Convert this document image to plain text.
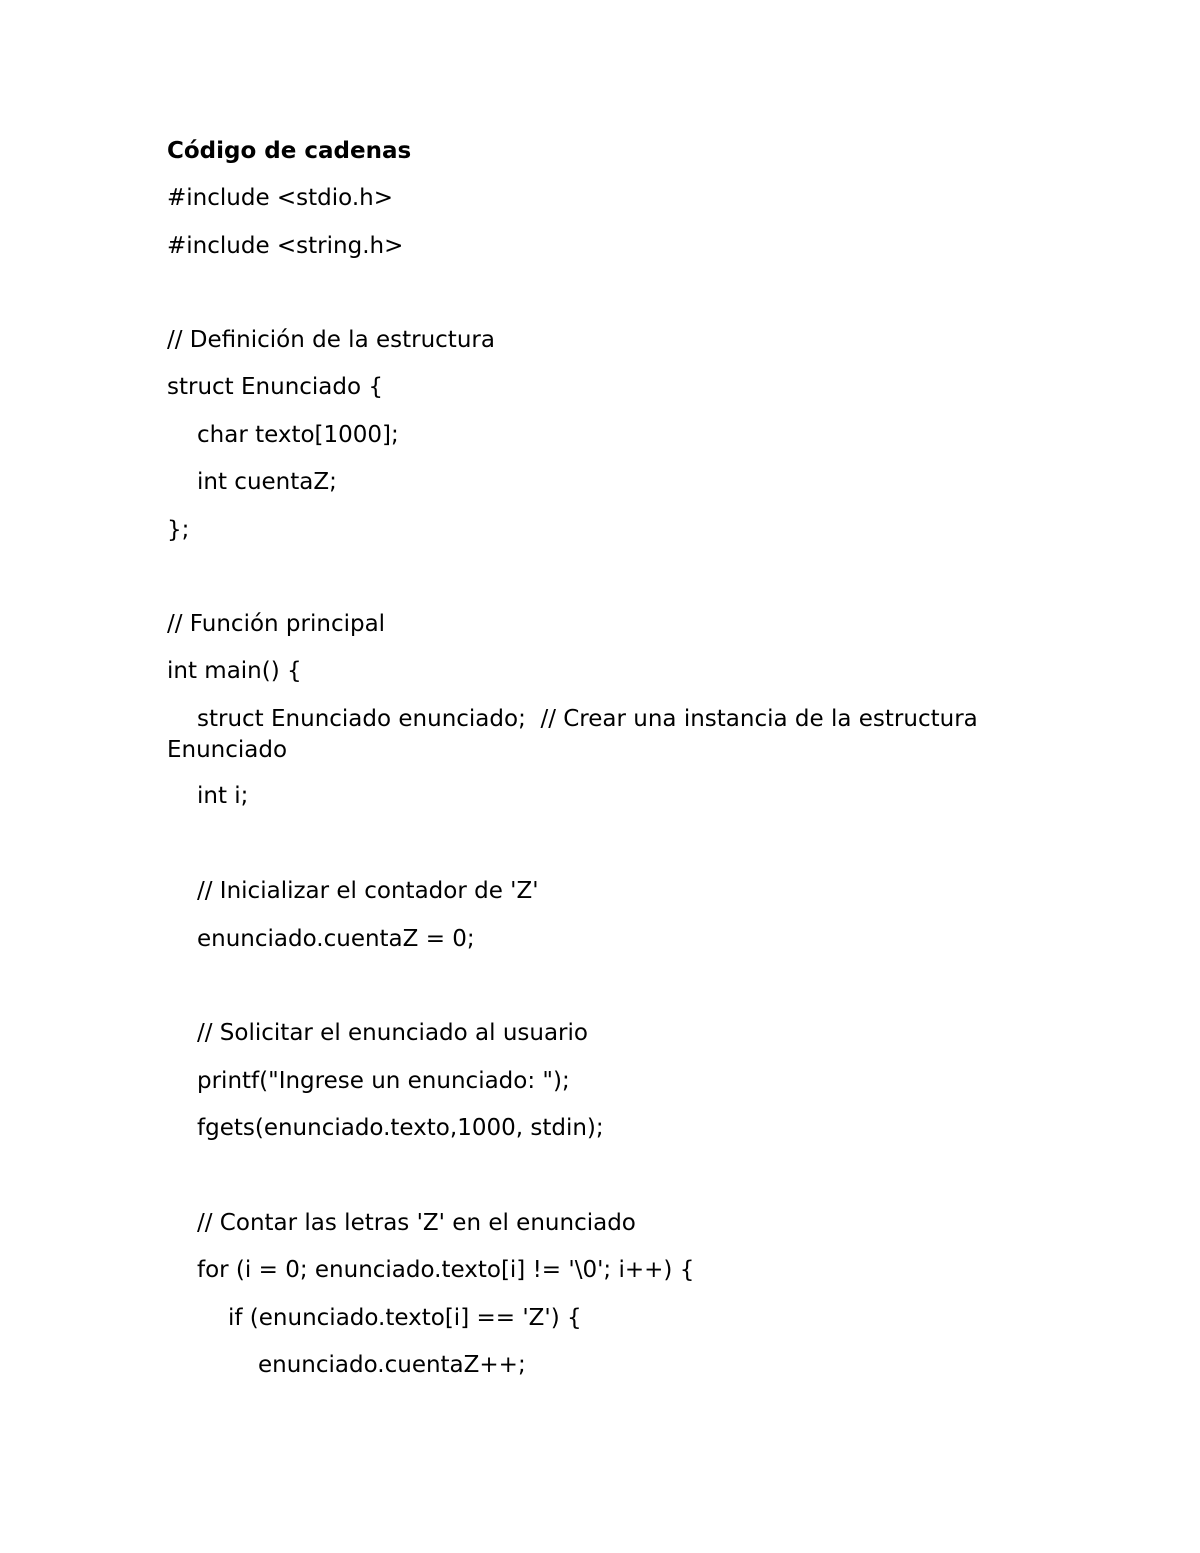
Código de cadenas
#include <stdio.h>
#include <string.h>
// Definición de la estructura
struct Enunciado {
char texto[1000];
int cuentaZ;
};
// Función principal
int main() {
struct Enunciado enunciado;  // Crear una instancia de la estructura
Enunciado
int i;
// Inicializar el contador de 'Z'
enunciado.cuentaZ = 0;
// Solicitar el enunciado al usuario
printf("Ingrese un enunciado: ");
fgets(enunciado.texto,1000, stdin);
// Contar las letras 'Z' en el enunciado
for (i = 0; enunciado.texto[i] != '\0'; i++) {
if (enunciado.texto[i] == 'Z') {
enunciado.cuentaZ++;
